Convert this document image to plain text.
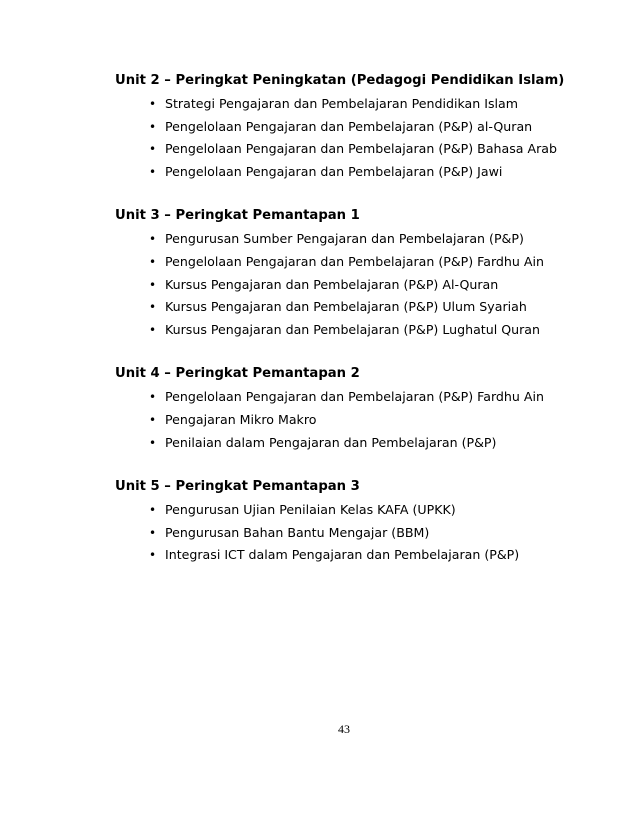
Unit 2 – Peringkat Peningkatan (Pedagogi Pendidikan Islam)

• Strategi Pengajaran dan Pembelajaran Pendidikan Islam
• Pengelolaan Pengajaran dan Pembelajaran (P&P) al-Quran
• Pengelolaan Pengajaran dan Pembelajaran (P&P) Bahasa Arab
• Pengelolaan Pengajaran dan Pembelajaran (P&P) Jawi

Unit 3 – Peringkat Pemantapan 1

• Pengurusan Sumber Pengajaran dan Pembelajaran (P&P)
• Pengelolaan Pengajaran dan Pembelajaran (P&P) Fardhu Ain
• Kursus Pengajaran dan Pembelajaran (P&P) Al-Quran
• Kursus Pengajaran dan Pembelajaran (P&P) Ulum Syariah
• Kursus Pengajaran dan Pembelajaran (P&P) Lughatul Quran

Unit 4 – Peringkat Pemantapan 2

• Pengelolaan Pengajaran dan Pembelajaran (P&P) Fardhu Ain
• Pengajaran Mikro Makro
• Penilaian dalam Pengajaran dan Pembelajaran (P&P)

Unit 5 – Peringkat Pemantapan 3

• Pengurusan Ujian Penilaian Kelas KAFA (UPKK)
• Pengurusan Bahan Bantu Mengajar (BBM)
• Integrasi ICT dalam Pengajaran dan Pembelajaran (P&P)
43
